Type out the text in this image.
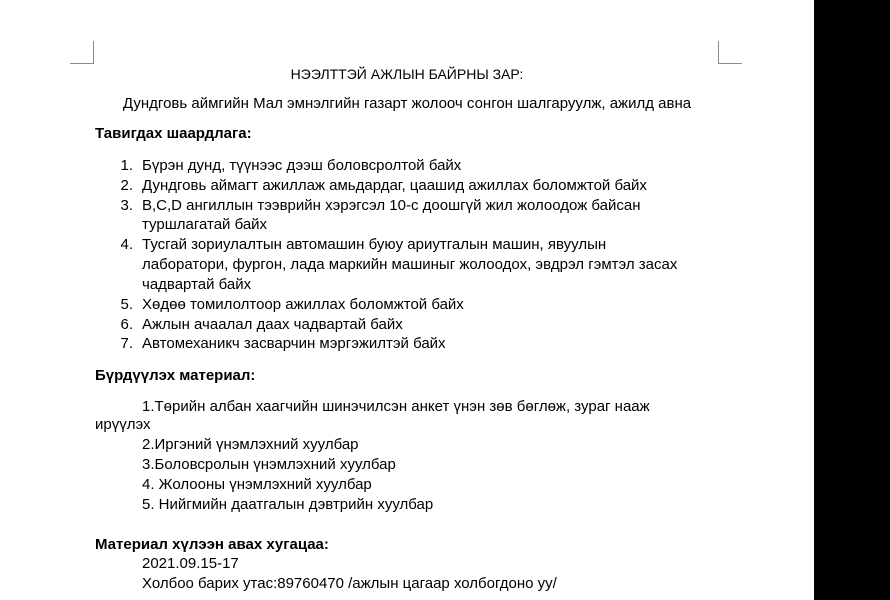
НЭЭЛТТЭЙ АЖЛЫН БАЙРНЫ ЗАР:
Дундговь аймгийн Мал эмнэлгийн газарт жолооч сонгон шалгаруулж, ажилд авна
Тавигдах шаардлага:
1. Бүрэн дунд, түүнээс дээш боловсролтой байх
2. Дундговь аймагт ажиллаж амьдардаг, цаашид ажиллах боломжтой байх
3. B,C,D ангиллын тээврийн хэрэгсэл 10-с доошгүй жил жолоодож байсан
туршлагатай байх
4. Тусгай зориулалтын автомашин буюу ариутгалын машин, явуулын
лаборатори, фургон, лада маркийн машиныг жолоодох, эвдрэл гэмтэл засах
чадвартай байх
5. Хөдөө томилолтоор ажиллах боломжтой байх
6. Ажлын ачаалал даах чадвартай байх
7. Автомеханикч засварчин мэргэжилтэй байх
Бүрдүүлэх материал:
1.Төрийн албан хаагчийн шинэчилсэн анкет үнэн зөв бөглөж, зураг нааж
ирүүлэх
2.Иргэний үнэмлэхний хуулбар
3.Боловсролын үнэмлэхний хуулбар
4. Жолооны үнэмлэхний хуулбар
5. Нийгмийн даатгалын дэвтрийн хуулбар
Материал хүлээн авах хугацаа:
2021.09.15-17
Холбоо барих утас:89760470 /ажлын цагаар холбогдоно уу/
